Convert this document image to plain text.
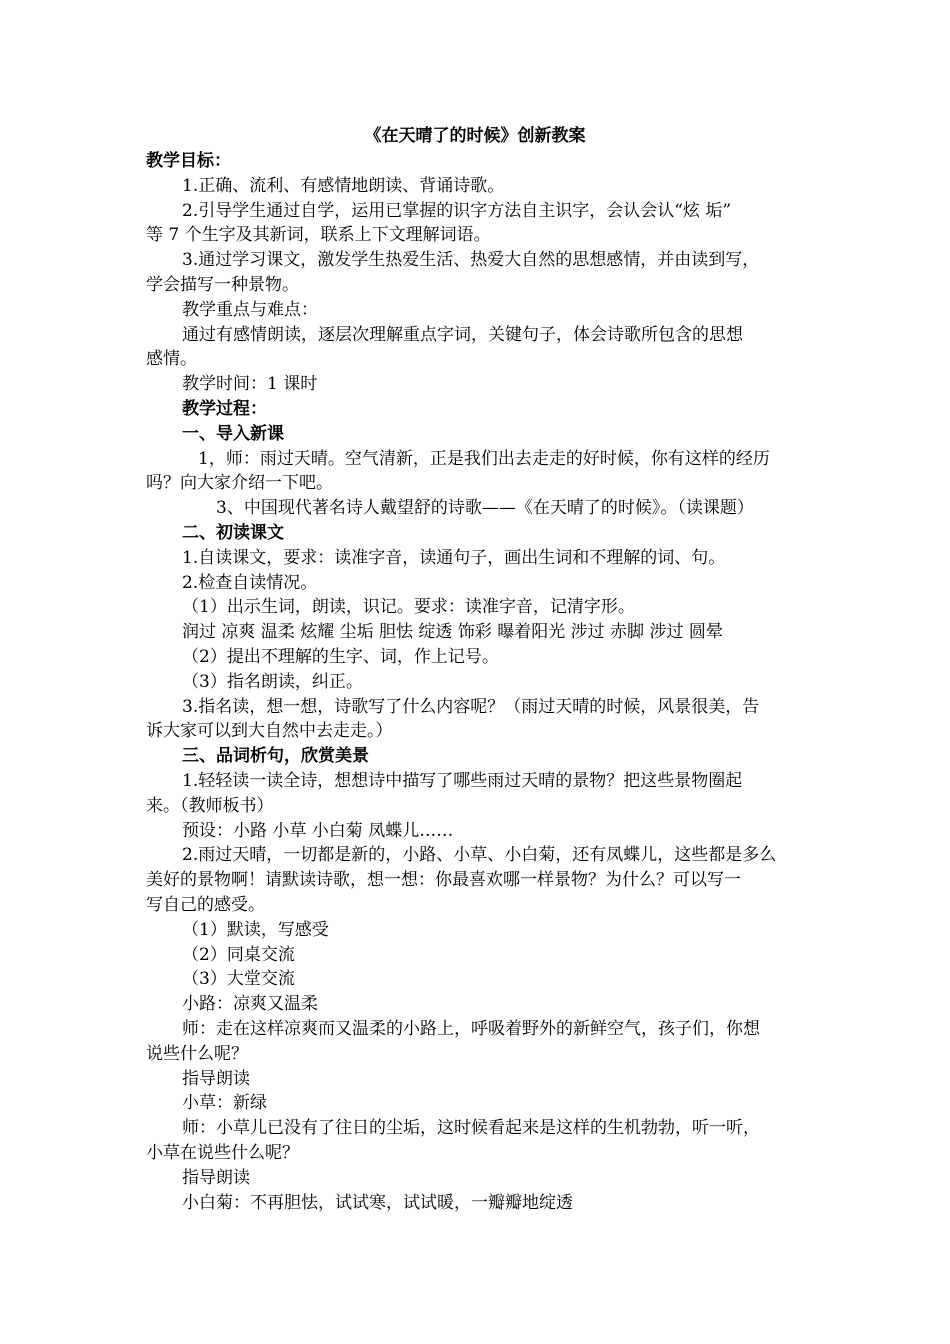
《在天晴了的时候》创新教案
教学目标：
1.正确、流利、有感情地朗读、背诵诗歌。
2.引导学生通过自学，运用已掌握的识字方法自主识字，会认会认“炫 垢”
等 7 个生字及其新词，联系上下文理解词语。
3.通过学习课文，激发学生热爱生活、热爱大自然的思想感情，并由读到写，
学会描写一种景物。
教学重点与难点：
通过有感情朗读，逐层次理解重点字词，关键句子，体会诗歌所包含的思想
感情。
教学时间：1 课时
教学过程：
一、导入新课
1，师：雨过天晴。空气清新，正是我们出去走走的好时候，你有这样的经历
吗？向大家介绍一下吧。
3、中国现代著名诗人戴望舒的诗歌——《在天晴了的时候》。（读课题）
二、初读课文
1.自读课文，要求：读准字音，读通句子，画出生词和不理解的词、句。
2.检查自读情况。
（1）出示生词，朗读，识记。要求：读准字音，记清字形。
润过 凉爽 温柔 炫耀 尘垢 胆怯 绽透 饰彩 曝着阳光 涉过 赤脚 涉过 圆晕
（2）提出不理解的生字、词，作上记号。
（3）指名朗读，纠正。
3.指名读，想一想，诗歌写了什么内容呢？（雨过天晴的时候，风景很美，告
诉大家可以到大自然中去走走。）
三、品词析句，欣赏美景
1.轻轻读一读全诗，想想诗中描写了哪些雨过天晴的景物？把这些景物圈起
来。（教师板书）
预设：小路 小草 小白菊 凤蝶儿……
2.雨过天晴，一切都是新的，小路、小草、小白菊，还有凤蝶儿，这些都是多么
美好的景物啊！请默读诗歌，想一想：你最喜欢哪一样景物？为什么？可以写一
写自己的感受。
（1）默读，写感受
（2）同桌交流
（3）大堂交流
小路：凉爽又温柔
师：走在这样凉爽而又温柔的小路上，呼吸着野外的新鲜空气，孩子们，你想
说些什么呢？
指导朗读
小草：新绿
师：小草儿已没有了往日的尘垢，这时候看起来是这样的生机勃勃，听一听，
小草在说些什么呢？
指导朗读
小白菊：不再胆怯，试试寒，试试暖，一瓣瓣地绽透
